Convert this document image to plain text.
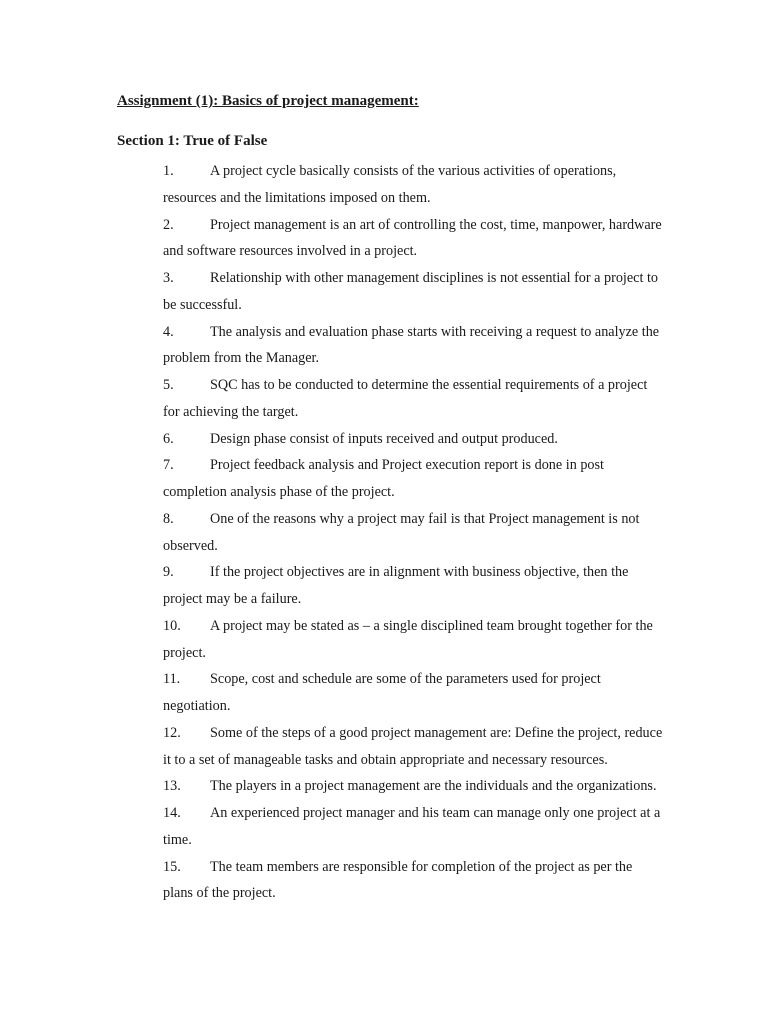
Assignment (1): Basics of project management:
Section 1: True of False
1.	A project cycle basically consists of the various activities of operations, resources and the limitations imposed on them.
2.	Project management is an art of controlling the cost, time, manpower, hardware and software resources involved in a project.
3.	Relationship with other management disciplines is not essential for a project to be successful.
4.	The analysis and evaluation phase starts with receiving a request to analyze the problem from the Manager.
5.	SQC has to be conducted to determine the essential requirements of a project for achieving the target.
6.	Design phase consist of inputs received and output produced.
7.	Project feedback analysis and Project execution report is done in post completion analysis phase of the project.
8.	One of the reasons why a project may fail is that Project management is not observed.
9.	If the project objectives are in alignment with business objective, then the project may be a failure.
10. A project may be stated as – a single disciplined team brought together for the project.
11. Scope, cost and schedule are some of the parameters used for project negotiation.
12. Some of the steps of a good project management are: Define the project, reduce it to a set of manageable tasks and obtain appropriate and necessary resources.
13. The players in a project management are the individuals and the organizations.
14. An experienced project manager and his team can manage only one project at a time.
15. The team members are responsible for completion of the project as per the plans of the project.
